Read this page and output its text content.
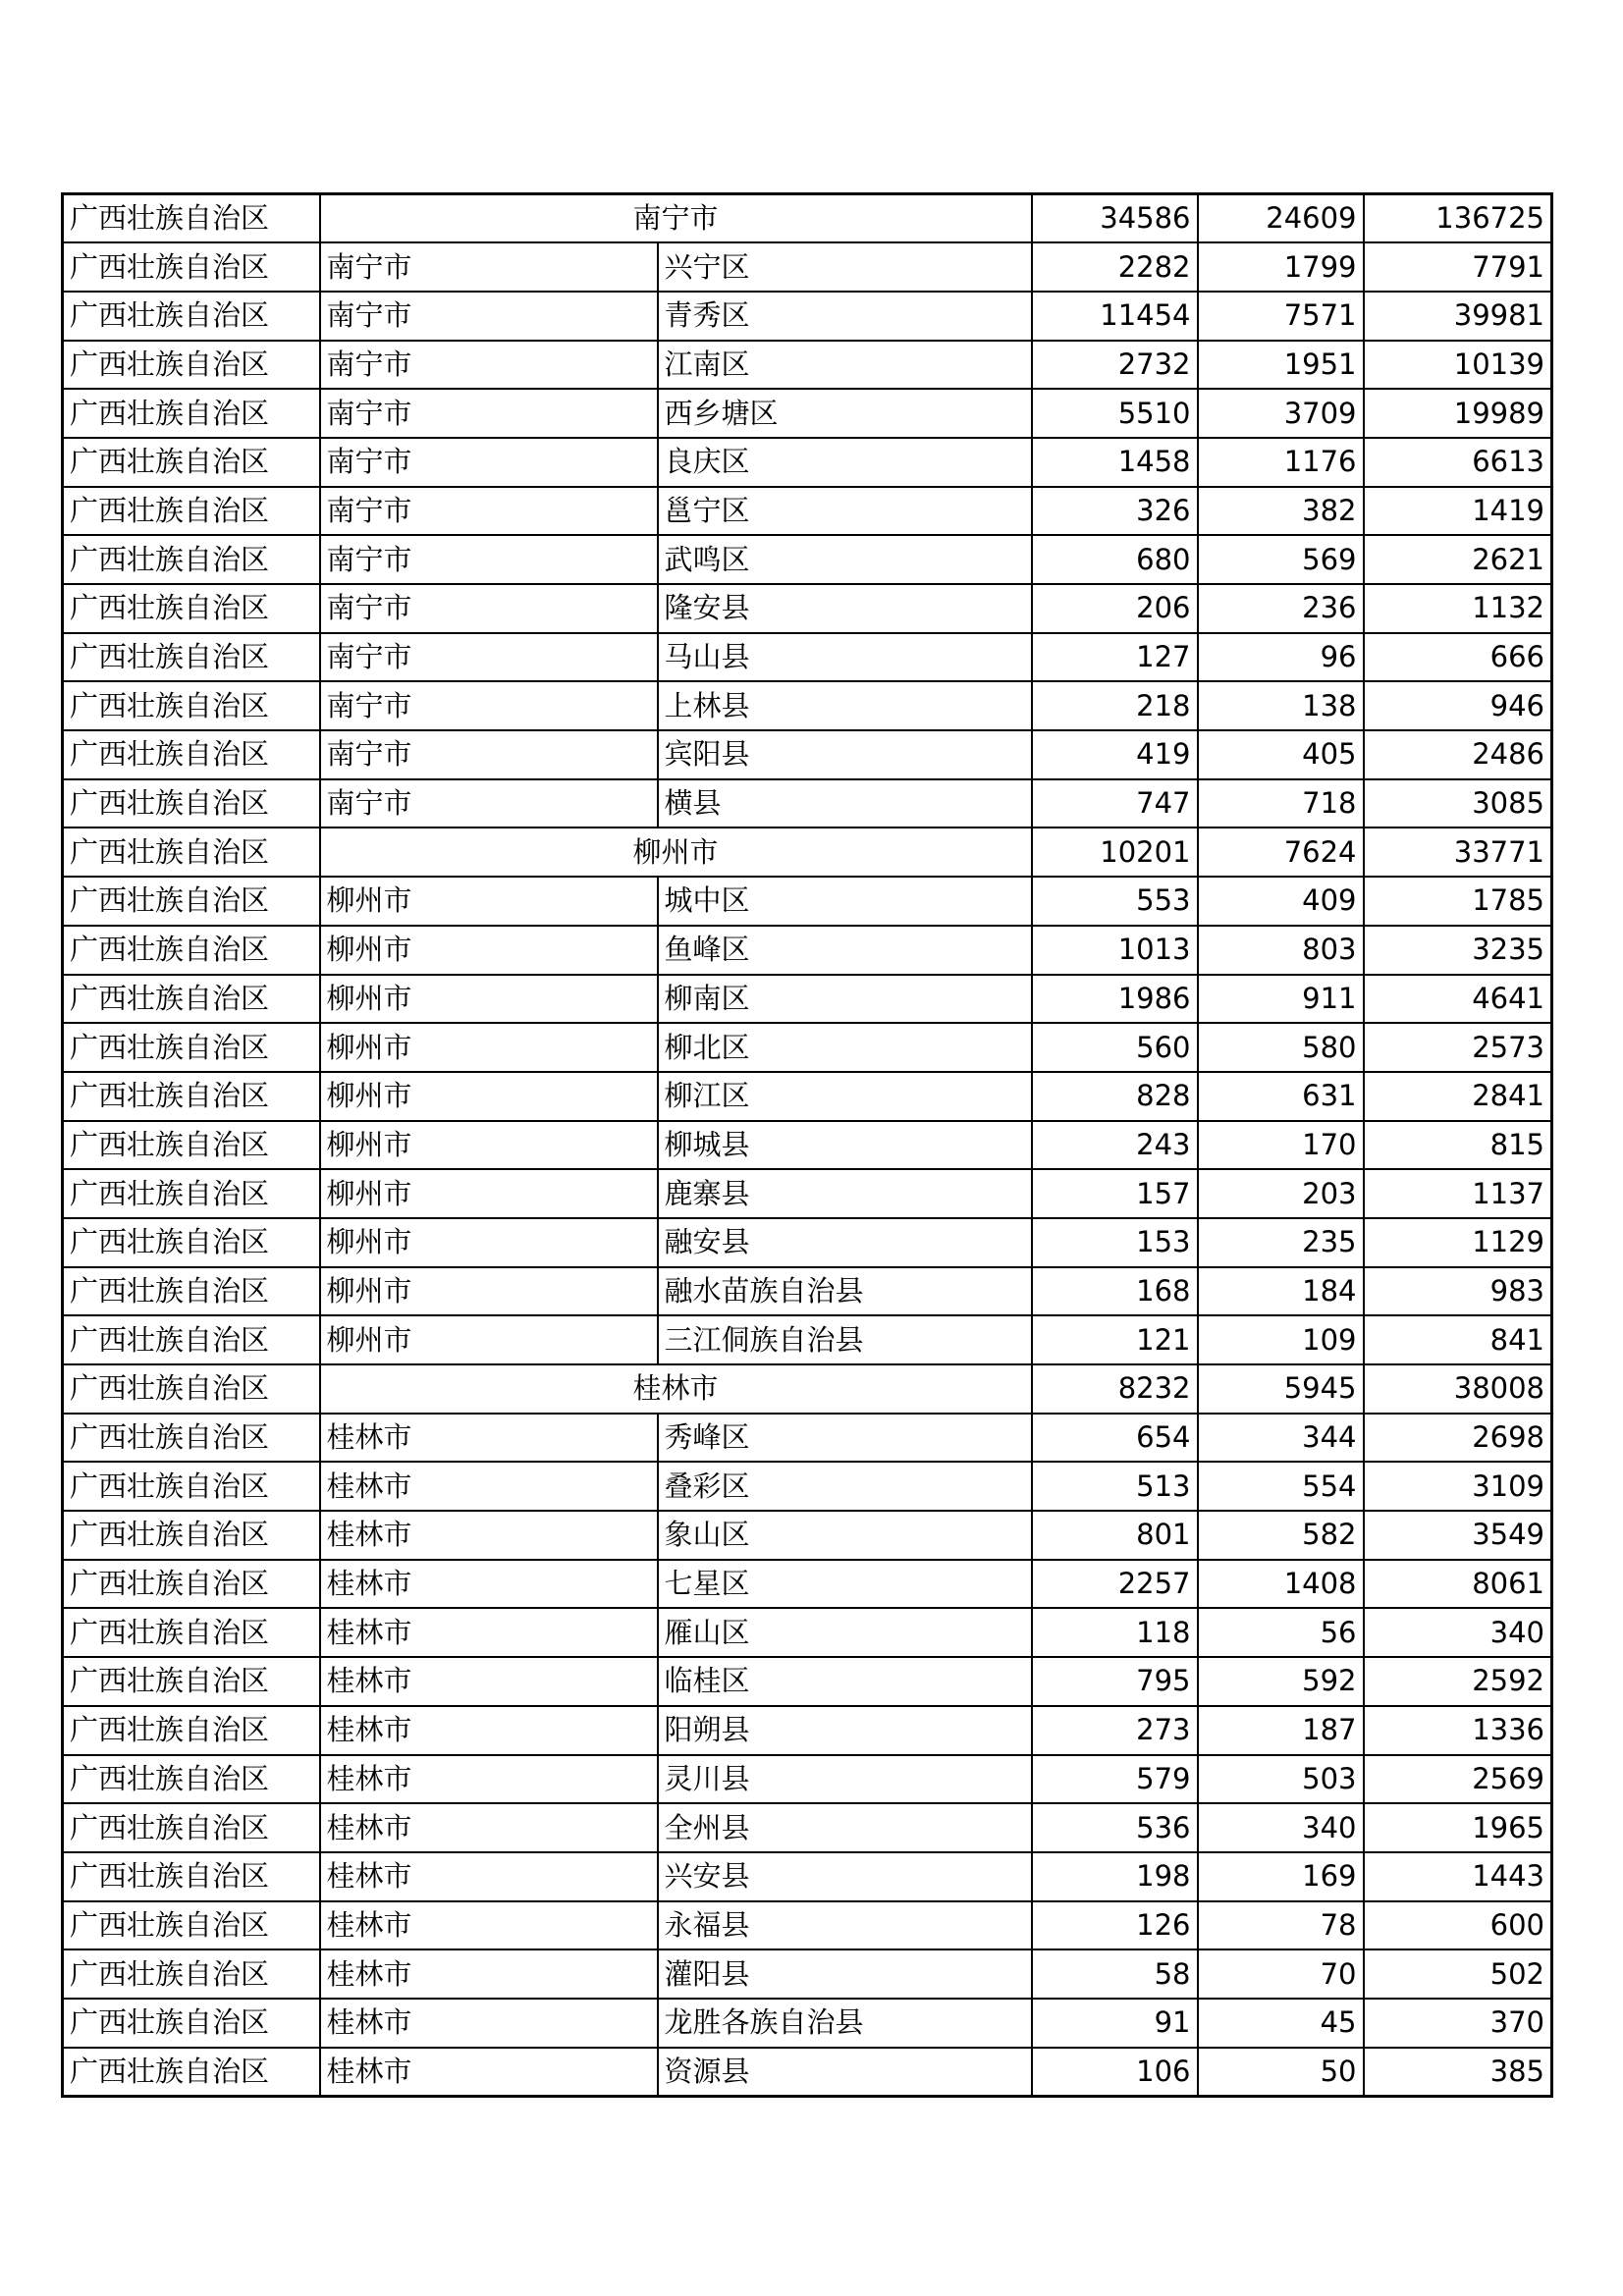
广西壮族自治区	南宁市		34586	24609	136725
广西壮族自治区	南宁市	兴宁区	2282	1799	7791
广西壮族自治区	南宁市	青秀区	11454	7571	39981
广西壮族自治区	南宁市	江南区	2732	1951	10139
广西壮族自治区	南宁市	西乡塘区	5510	3709	19989
广西壮族自治区	南宁市	良庆区	1458	1176	6613
广西壮族自治区	南宁市	邕宁区	326	382	1419
广西壮族自治区	南宁市	武鸣区	680	569	2621
广西壮族自治区	南宁市	隆安县	206	236	1132
广西壮族自治区	南宁市	马山县	127	96	666
广西壮族自治区	南宁市	上林县	218	138	946
广西壮族自治区	南宁市	宾阳县	419	405	2486
广西壮族自治区	南宁市	横县	747	718	3085
广西壮族自治区	柳州市		10201	7624	33771
广西壮族自治区	柳州市	城中区	553	409	1785
广西壮族自治区	柳州市	鱼峰区	1013	803	3235
广西壮族自治区	柳州市	柳南区	1986	911	4641
广西壮族自治区	柳州市	柳北区	560	580	2573
广西壮族自治区	柳州市	柳江区	828	631	2841
广西壮族自治区	柳州市	柳城县	243	170	815
广西壮族自治区	柳州市	鹿寨县	157	203	1137
广西壮族自治区	柳州市	融安县	153	235	1129
广西壮族自治区	柳州市	融水苗族自治县	168	184	983
广西壮族自治区	柳州市	三江侗族自治县	121	109	841
广西壮族自治区	桂林市		8232	5945	38008
广西壮族自治区	桂林市	秀峰区	654	344	2698
广西壮族自治区	桂林市	叠彩区	513	554	3109
广西壮族自治区	桂林市	象山区	801	582	3549
广西壮族自治区	桂林市	七星区	2257	1408	8061
广西壮族自治区	桂林市	雁山区	118	56	340
广西壮族自治区	桂林市	临桂区	795	592	2592
广西壮族自治区	桂林市	阳朔县	273	187	1336
广西壮族自治区	桂林市	灵川县	579	503	2569
广西壮族自治区	桂林市	全州县	536	340	1965
广西壮族自治区	桂林市	兴安县	198	169	1443
广西壮族自治区	桂林市	永福县	126	78	600
广西壮族自治区	桂林市	灌阳县	58	70	502
广西壮族自治区	桂林市	龙胜各族自治县	91	45	370
广西壮族自治区	桂林市	资源县	106	50	385
